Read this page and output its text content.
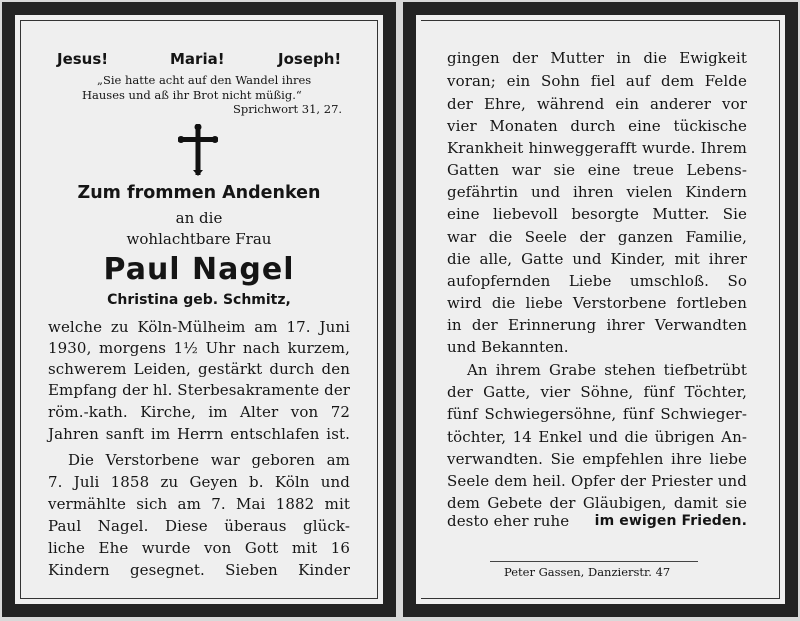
Jesus!	Maria!	Joseph!
„Sie hatte acht auf den Wandel ihres
Hauses und aß ihr Brot nicht müßig.“
Sprichwort 31, 27.
Zum frommen Andenken
an die
wohlachtbare Frau
Paul Nagel
Christina geb. Schmitz,
welche zu Köln-Mülheim am 17. Juni
1930, morgens 1½ Uhr nach kurzem,
schwerem Leiden, gestärkt durch den
Empfang der hl. Sterbesakramente der
röm.-kath. Kirche, im Alter von 72
Jahren sanft im Herrn entschlafen ist.
Die Verstorbene war geboren am
7. Juli 1858 zu Geyen b. Köln und
vermählte sich am 7. Mai 1882 mit
Paul Nagel. Diese überaus glück-
liche Ehe wurde von Gott mit 16
Kindern gesegnet. Sieben Kinder
gingen der Mutter in die Ewigkeit
voran; ein Sohn fiel auf dem Felde
der Ehre, während ein anderer vor
vier Monaten durch eine tückische
Krankheit hinweggerafft wurde. Ihrem
Gatten war sie eine treue Lebens-
gefährtin und ihren vielen Kindern
eine liebevoll besorgte Mutter. Sie
war die Seele der ganzen Familie,
die alle, Gatte und Kinder, mit ihrer
aufopfernden Liebe umschloß. So
wird die liebe Verstorbene fortleben
in der Erinnerung ihrer Verwandten
und Bekannten.
An ihrem Grabe stehen tiefbetrübt
der Gatte, vier Söhne, fünf Töchter,
fünf Schwiegersöhne, fünf Schwieger-
töchter, 14 Enkel und die übrigen An-
verwandten. Sie empfehlen ihre liebe
Seele dem heil. Opfer der Priester und
dem Gebete der Gläubigen, damit sie
desto eher ruhe im ewigen Frieden.
Peter Gassen, Danzierstr. 47
